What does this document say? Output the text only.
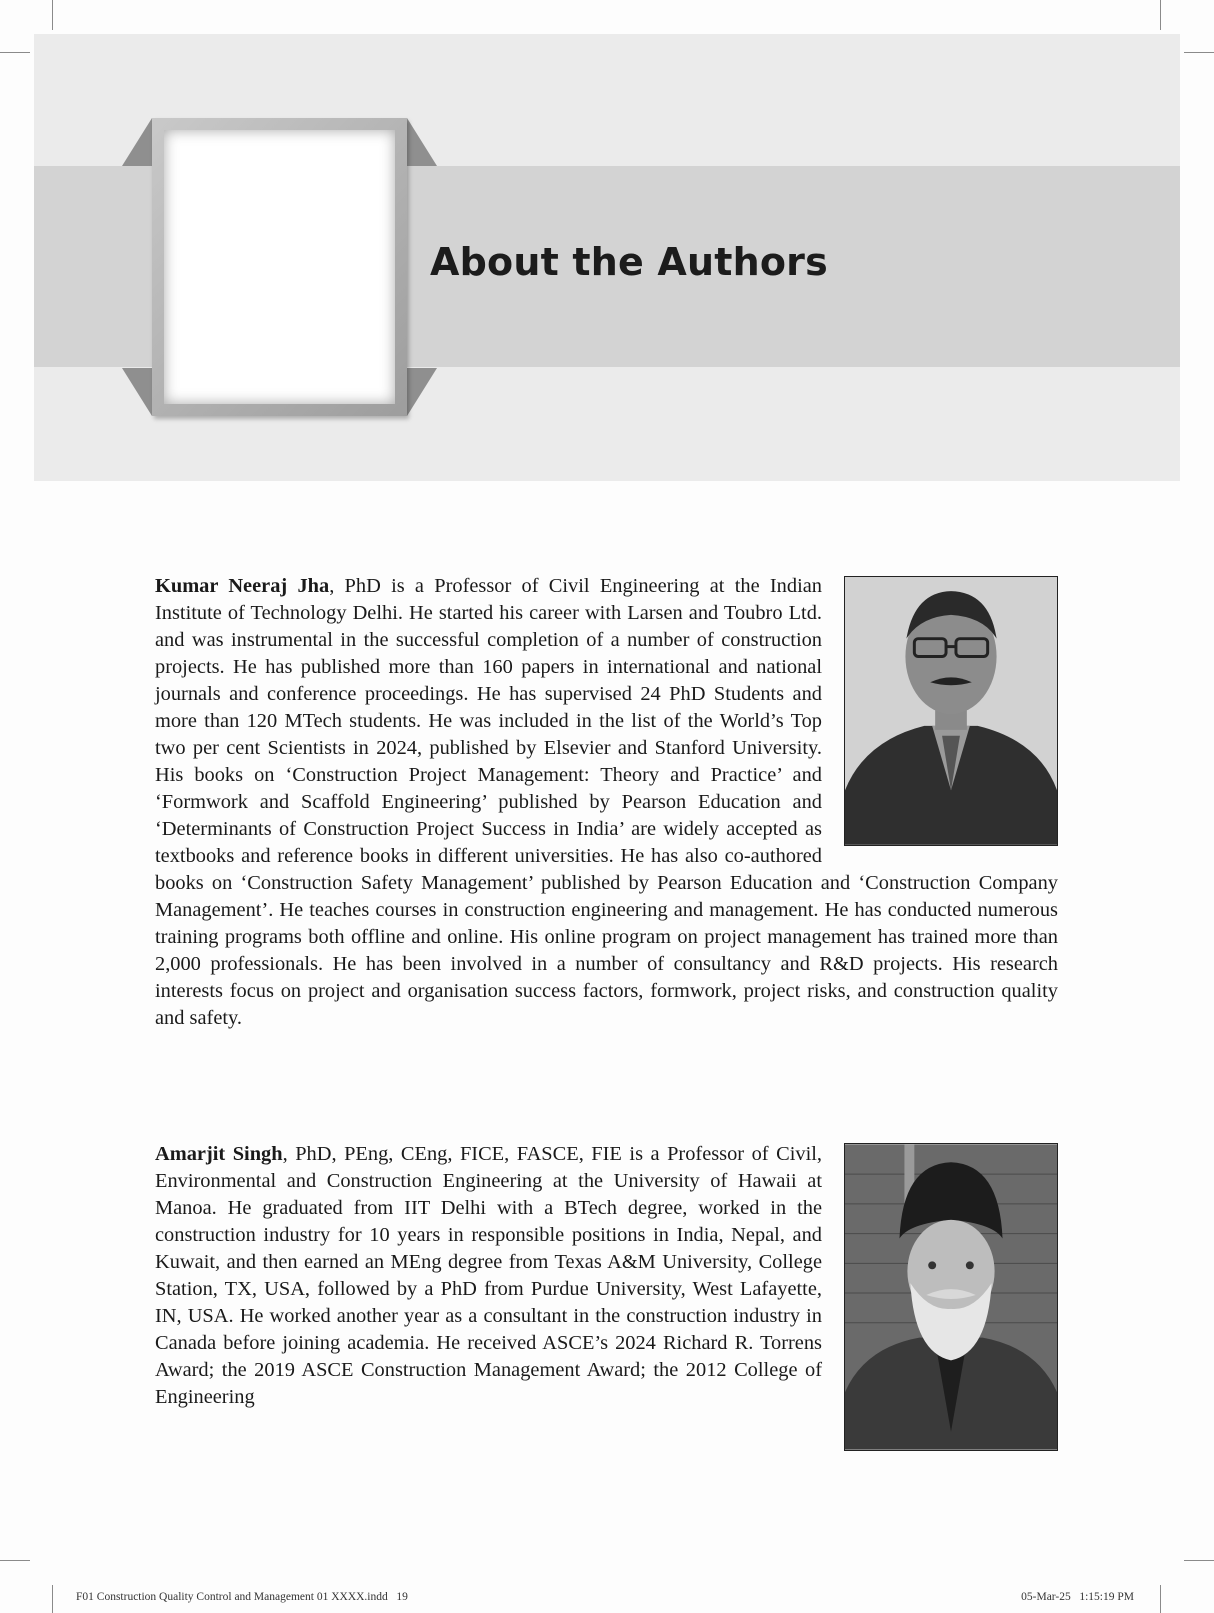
About the Authors
Kumar Neeraj Jha, PhD is a Professor of Civil Engineering at the Indian Institute of Technology Delhi. He started his career with Larsen and Toubro Ltd. and was instrumental in the successful completion of a number of construction projects. He has published more than 160 papers in international and national journals and conference proceedings. He has supervised 24 PhD Students and more than 120 MTech students. He was included in the list of the World’s Top two per cent Scientists in 2024, published by Elsevier and Stanford University. His books on ‘Construction Project Management: Theory and Practice’ and ‘Formwork and Scaffold Engineering’ published by Pearson Education and ‘Determinants of Construction Project Success in India’ are widely accepted as textbooks and reference books in different universities. He has also co-authored books on ‘Construction Safety Management’ published by Pearson Education and ‘Construction Company Management’. He teaches courses in construction engineering and management. He has conducted numerous training programs both offline and online. His online program on project management has trained more than 2,000 professionals. He has been involved in a number of consultancy and R&D projects. His research interests focus on project and organisation success factors, formwork, project risks, and construction quality and safety.
Amarjit Singh, PhD, PEng, CEng, FICE, FASCE, FIE is a Professor of Civil, Environmental and Construction Engineering at the University of Hawaii at Manoa. He graduated from IIT Delhi with a BTech degree, worked in the construction industry for 10 years in responsible positions in India, Nepal, and Kuwait, and then earned an MEng degree from Texas A&M University, College Station, TX, USA, followed by a PhD from Purdue University, West Lafayette, IN, USA. He worked another year as a consultant in the construction industry in Canada before joining academia. He received ASCE’s 2024 Richard R. Torrens Award; the 2019 ASCE Construction Management Award; the 2012 College of Engineering
F01 Construction Quality Control and Management 01 XXXX.indd   19	05-Mar-25   1:15:19 PM
